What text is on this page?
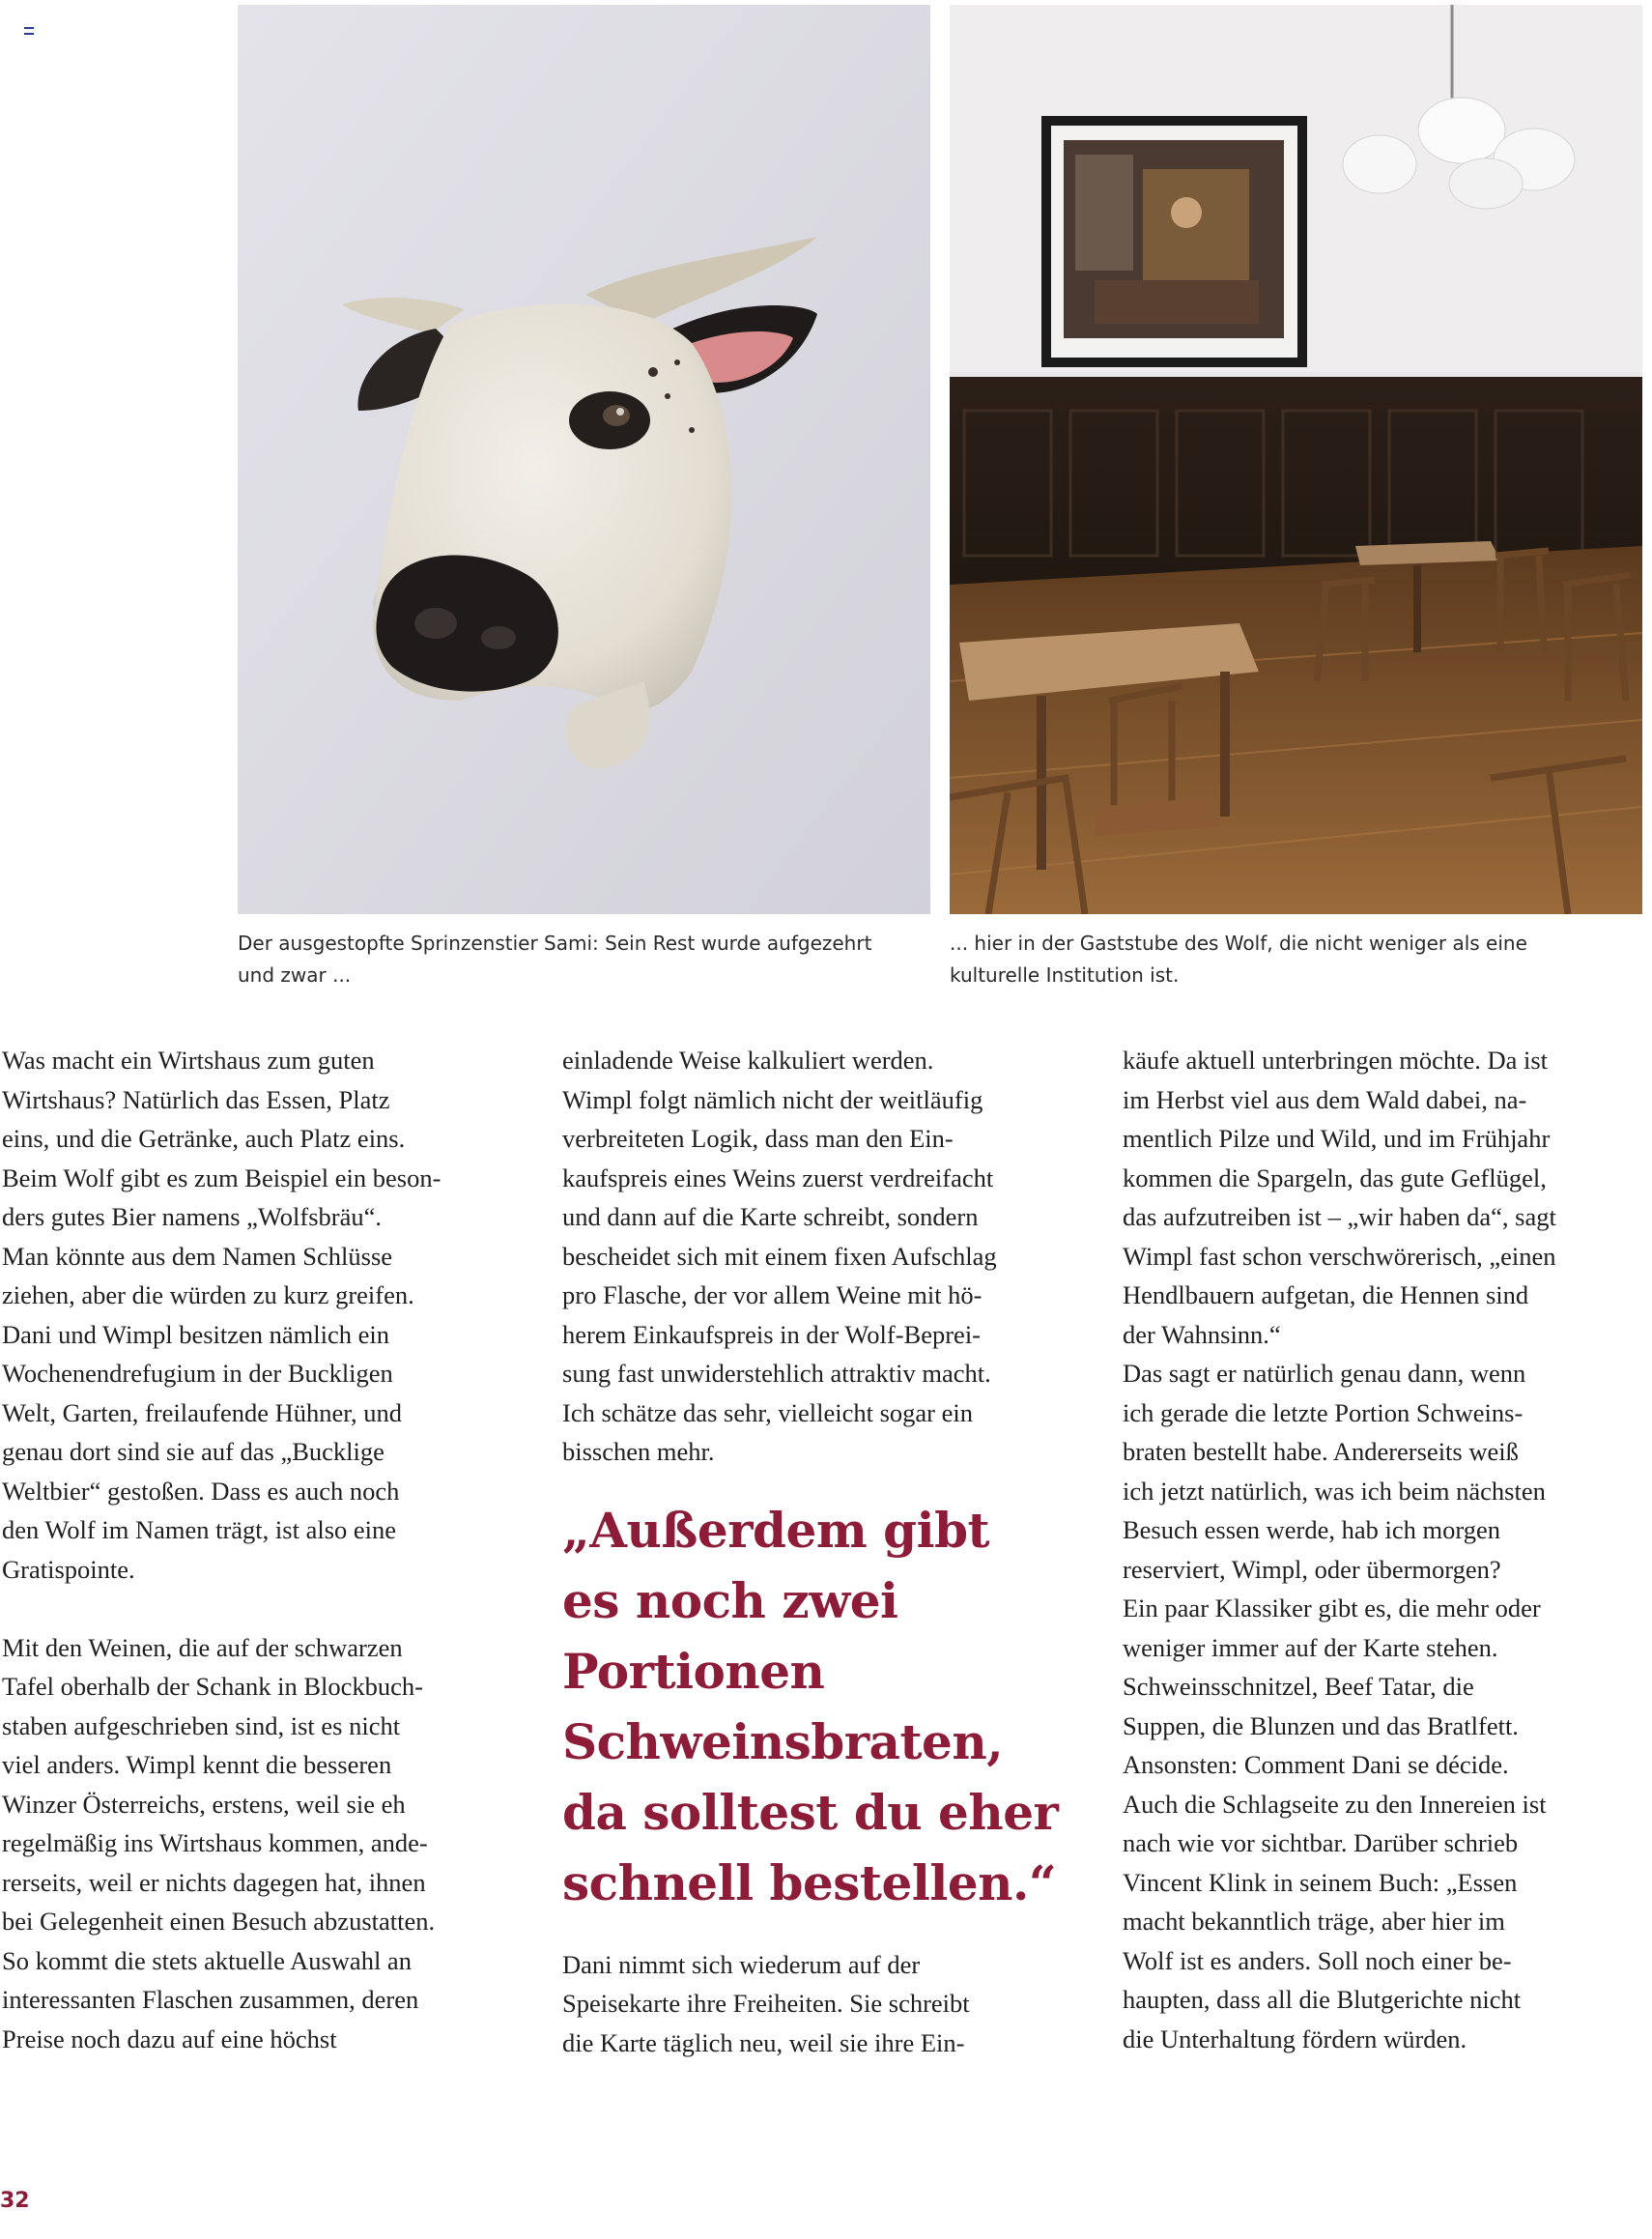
Der ausgestopfte Sprinzenstier Sami: Sein Rest wurde aufgezehrt
und zwar ...

... hier in der Gaststube des Wolf, die nicht weniger als eine
kulturelle Institution ist.

Was macht ein Wirtshaus zum guten
Wirtshaus? Natürlich das Essen, Platz
eins, und die Getränke, auch Platz eins.
Beim Wolf gibt es zum Beispiel ein beson-
ders gutes Bier namens „Wolfsbräu“.
Man könnte aus dem Namen Schlüsse
ziehen, aber die würden zu kurz greifen.
Dani und Wimpl besitzen nämlich ein
Wochenendrefugium in der Buckligen
Welt, Garten, freilaufende Hühner, und
genau dort sind sie auf das „Bucklige
Weltbier“ gestoßen. Dass es auch noch
den Wolf im Namen trägt, ist also eine
Gratispointe.

Mit den Weinen, die auf der schwarzen
Tafel oberhalb der Schank in Blockbuch-
staben aufgeschrieben sind, ist es nicht
viel anders. Wimpl kennt die besseren
Winzer Österreichs, erstens, weil sie eh
regelmäßig ins Wirtshaus kommen, ande-
rerseits, weil er nichts dagegen hat, ihnen
bei Gelegenheit einen Besuch abzustatten.
So kommt die stets aktuelle Auswahl an
interessanten Flaschen zusammen, deren
Preise noch dazu auf eine höchst

einladende Weise kalkuliert werden.
Wimpl folgt nämlich nicht der weitläufig
verbreiteten Logik, dass man den Ein-
kaufspreis eines Weins zuerst verdreifacht
und dann auf die Karte schreibt, sondern
bescheidet sich mit einem fixen Aufschlag
pro Flasche, der vor allem Weine mit hö-
herem Einkaufspreis in der Wolf-Beprei-
sung fast unwiderstehlich attraktiv macht.
Ich schätze das sehr, vielleicht sogar ein
bisschen mehr.

„Außerdem gibt
es noch zwei
Portionen
Schweinsbraten,
da solltest du eher
schnell bestellen.“

Dani nimmt sich wiederum auf der
Speisekarte ihre Freiheiten. Sie schreibt
die Karte täglich neu, weil sie ihre Ein-

käufe aktuell unterbringen möchte. Da ist
im Herbst viel aus dem Wald dabei, na-
mentlich Pilze und Wild, und im Frühjahr
kommen die Spargeln, das gute Geflügel,
das aufzutreiben ist – „wir haben da“, sagt
Wimpl fast schon verschwörerisch, „einen
Hendlbauern aufgetan, die Hennen sind
der Wahnsinn.“

Das sagt er natürlich genau dann, wenn
ich gerade die letzte Portion Schweins-
braten bestellt habe. Andererseits weiß
ich jetzt natürlich, was ich beim nächsten
Besuch essen werde, hab ich morgen
reserviert, Wimpl, oder übermorgen?

Ein paar Klassiker gibt es, die mehr oder
weniger immer auf der Karte stehen.
Schweinsschnitzel, Beef Tatar, die
Suppen, die Blunzen und das Bratlfett.
Ansonsten: Comment Dani se décide.
Auch die Schlagseite zu den Innereien ist
nach wie vor sichtbar. Darüber schrieb
Vincent Klink in seinem Buch: „Essen
macht bekanntlich träge, aber hier im
Wolf ist es anders. Soll noch einer be-
haupten, dass all die Blutgerichte nicht
die Unterhaltung fördern würden.

32
